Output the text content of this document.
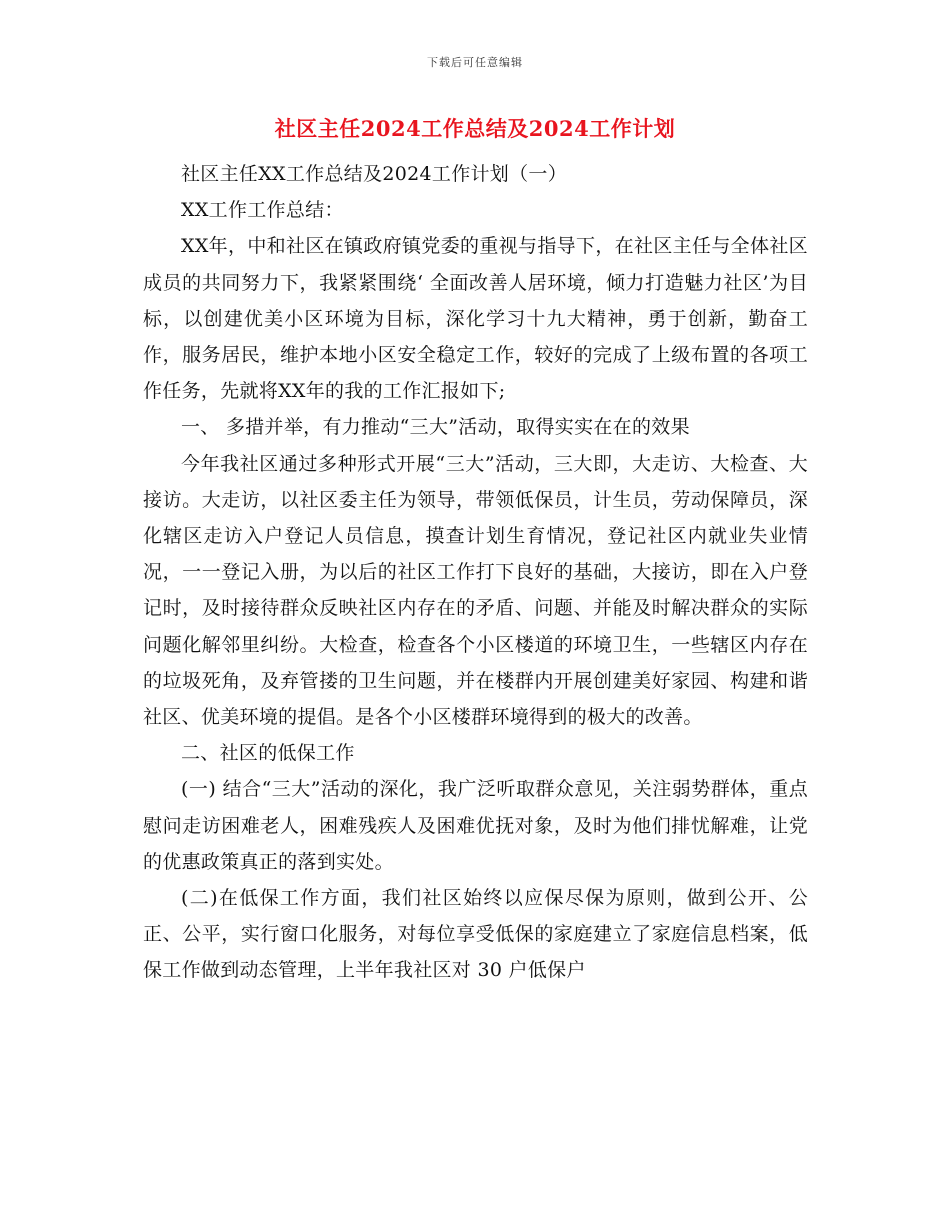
下载后可任意编辑
社区主任2024工作总结及2024工作计划

社区主任XX工作总结及2024工作计划（一）

XX工作工作总结：

XX年，中和社区在镇政府镇党委的重视与指导下，在社区主任与全体社区成员的共同努力下，我紧紧围绕‘ 全面改善人居环境，倾力打造魅力社区’为目标，以创建优美小区环境为目标，深化学习十九大精神，勇于创新，勤奋工作，服务居民，维护本地小区安全稳定工作，较好的完成了上级布置的各项工作任务，先就将XX年的我的工作汇报如下;

一、 多措并举，有力推动“三大”活动，取得实实在在的效果

今年我社区通过多种形式开展“三大”活动，三大即，大走访、大检查、大接访。大走访，以社区委主任为领导，带领低保员，计生员，劳动保障员，深化辖区走访入户登记人员信息，摸查计划生育情况，登记社区内就业失业情况，一一登记入册，为以后的社区工作打下良好的基础，大接访，即在入户登记时，及时接待群众反映社区内存在的矛盾、问题、并能及时解决群众的实际问题化解邻里纠纷。大检查，检查各个小区楼道的环境卫生，一些辖区内存在的垃圾死角，及弃管搂的卫生问题，并在楼群内开展创建美好家园、构建和谐社区、优美环境的提倡。是各个小区楼群环境得到的极大的改善。

二、社区的低保工作

(一) 结合“三大”活动的深化，我广泛听取群众意见，关注弱势群体，重点慰问走访困难老人，困难残疾人及困难优抚对象，及时为他们排忧解难，让党的优惠政策真正的落到实处。

(二)在低保工作方面，我们社区始终以应保尽保为原则，做到公开、公正、公平，实行窗口化服务，对每位享受低保的家庭建立了家庭信息档案，低保工作做到动态管理，上半年我社区对 30 户低保户
